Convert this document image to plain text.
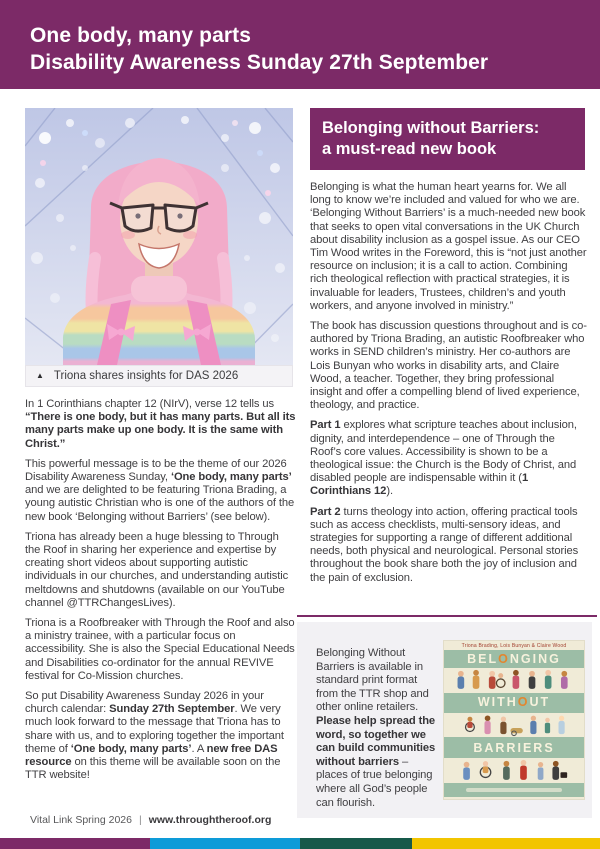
One body, many parts
Disability Awareness Sunday 27th September
▲ Triona shares insights for DAS 2026

In 1 Corinthians chapter 12 (NIrV), verse 12 tells us “There is one body, but it has many parts. But all its many parts make up one body. It is the same with Christ.”

This powerful message is to be the theme of our 2026 Disability Awareness Sunday, ‘One body, many parts’ and we are delighted to be featuring Triona Brading, a young autistic Christian who is one of the authors of the new book ‘Belonging without Barriers’ (see below).

Triona has already been a huge blessing to Through the Roof in sharing her experience and expertise by creating short videos about supporting autistic individuals in our churches, and understanding autistic meltdowns and shutdowns (available on our YouTube channel @TTRChangesLives).

Triona is a Roofbreaker with Through the Roof and also a ministry trainee, with a particular focus on accessibility. She is also the Special Educational Needs and Disabilities co-ordinator for the annual REVIVE festival for Co-Mission churches.

So put Disability Awareness Sunday 2026 in your church calendar: Sunday 27th September. We very much look forward to the message that Triona has to share with us, and to exploring together the important theme of ‘One body, many parts’. A new free DAS resource on this theme will be available soon on the TTR website!

Belonging without Barriers:
a must-read new book

Belonging is what the human heart yearns for. We all long to know we’re included and valued for who we are. ‘Belonging Without Barriers’ is a much-needed new book that seeks to open vital conversations in the UK Church about disability inclusion as a gospel issue. As our CEO Tim Wood writes in the Foreword, this is “not just another resource on inclusion; it is a call to action. Combining rich theological reflection with practical strategies, it is invaluable for leaders, Trustees, children’s and youth workers, and anyone involved in ministry.”

The book has discussion questions throughout and is co-authored by Triona Brading, an autistic Roofbreaker who works in SEND children’s ministry. Her co-authors are Lois Bunyan who works in disability arts, and Claire Wood, a teacher. Together, they bring professional insight and offer a compelling blend of lived experience, theology, and practice.

Part 1 explores what scripture teaches about inclusion, dignity, and interdependence – one of Through the Roof’s core values. Accessibility is shown to be a theological issue: the Church is the Body of Christ, and disabled people are indispensable within it (1 Corinthians 12).

Part 2 turns theology into action, offering practical tools such as access checklists, multi-sensory ideas, and strategies for supporting a range of different additional needs, both physical and neurological. Personal stories throughout the book share both the joy of inclusion and the pain of exclusion.

Belonging Without Barriers is available in standard print format from the TTR shop and other online retailers. Please help spread the word, so together we can build communities without barriers – places of true belonging where all God’s people can flourish.

Triona Brading, Lois Bunyan & Claire Wood
BELONGING
WITHOUT
BARRIERS
Vital Link Spring 2026 | www.throughtheroof.org
